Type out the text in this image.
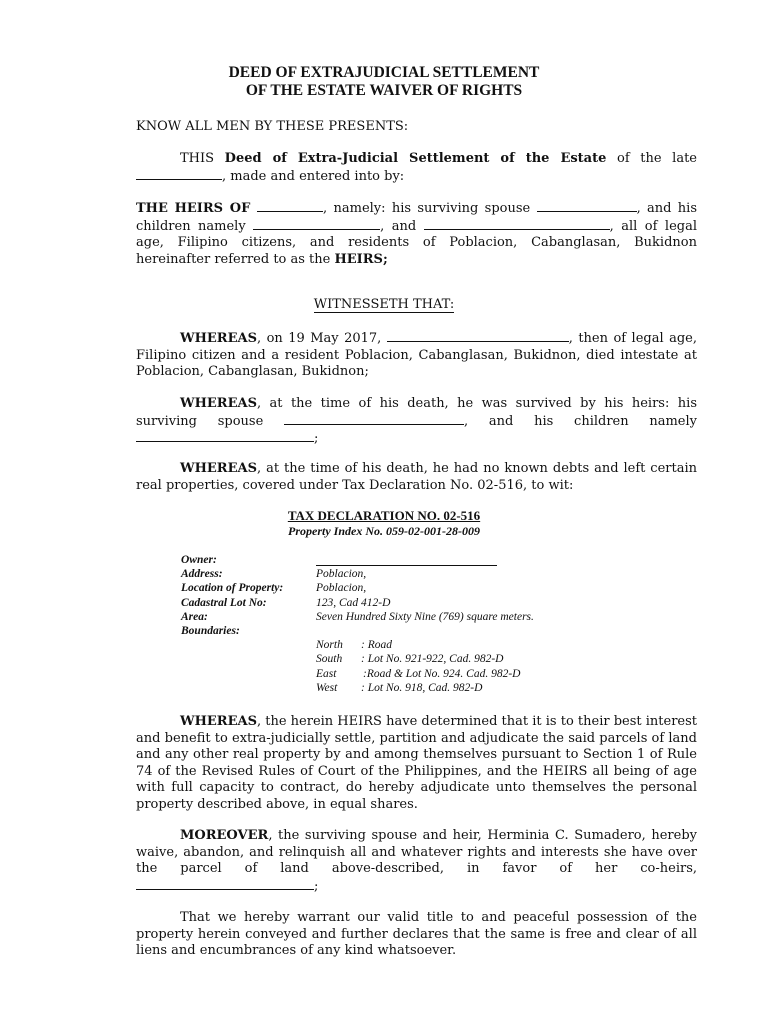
DEED OF EXTRAJUDICIAL SETTLEMENT
OF THE ESTATE WAIVER OF RIGHTS
KNOW ALL MEN BY THESE PRESENTS:
THIS Deed of Extra-Judicial Settlement of the Estate of the late , made and entered into by:
THE HEIRS OF	, namely: his surviving spouse	, and his children namely	, and	, all of legal age, Filipino citizens, and residents of Poblacion, Cabanglasan, Bukidnon hereinafter referred to as the HEIRS;
WITNESSETH THAT:
WHEREAS, on 19 May 2017,	, then of legal age, Filipino citizen and a resident Poblacion, Cabanglasan, Bukidnon, died intestate at Poblacion, Cabanglasan, Bukidnon;
WHEREAS, at the time of his death, he was survived by his heirs: his surviving spouse	, and his children namely ;
WHEREAS, at the time of his death, he had no known debts and left certain real properties, covered under Tax Declaration No. 02-516, to wit:
TAX DECLARATION NO. 02-516
Property Index No. 059-02-001-28-009
Owner:
Address:	Poblacion,
Location of Property:	Poblacion,
Cadastral Lot No:	123, Cad 412-D
Area:	Seven Hundred Sixty Nine (769) square meters.
Boundaries:
North : Road
South : Lot No. 921-922, Cad. 982-D
East :Road & Lot No. 924. Cad. 982-D
West : Lot No. 918, Cad. 982-D
WHEREAS, the herein HEIRS have determined that it is to their best interest and benefit to extra-judicially settle, partition and adjudicate the said parcels of land and any other real property by and among themselves pursuant to Section 1 of Rule 74 of the Revised Rules of Court of the Philippines, and the HEIRS all being of age with full capacity to contract, do hereby adjudicate unto themselves the personal property described above, in equal shares.
MOREOVER, the surviving spouse and heir, Herminia C. Sumadero, hereby waive, abandon, and relinquish all and whatever rights and interests she have over the parcel of land above-described, in favor of her co-heirs, ;
That we hereby warrant our valid title to and peaceful possession of the property herein conveyed and further declares that the same is free and clear of all liens and encumbrances of any kind whatsoever.
